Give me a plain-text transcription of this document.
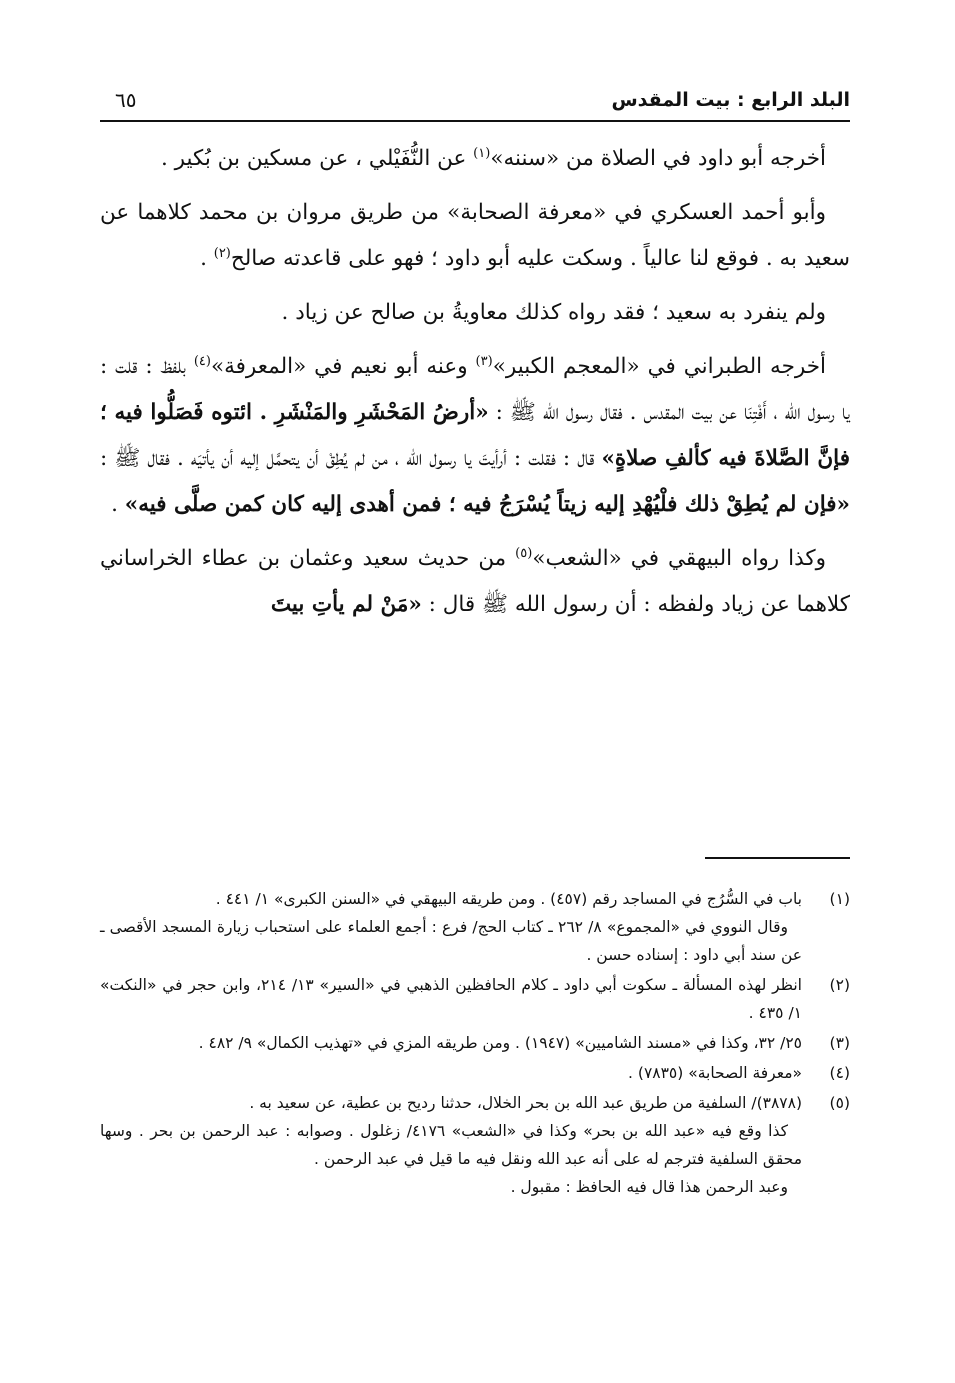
البلد الرابع : بيت المقدس
٦٥

أخرجه أبو داود في الصلاة من «سننه»$^{(١)}$ عن النُّفَيْلي ، عن مسكين بن بُكير .

وأبو أحمد العسكري في «معرفة الصحابة» من طريق مروان بن محمد كلاهما عن سعيد به . فوقع لنا عالياً . وسكت عليه أبو داود ؛ فهو على قاعدته صالح$^{(٢)}$ .

ولم ينفرد به سعيد ؛ فقد رواه كذلك معاويةُ بن صالح عن زياد .

أخرجه الطبراني في «المعجم الكبير»$^{(٣)}$ وعنه أبو نعيم في «المعرفة»$^{(٤)}$ بلفظ : قلت : يا رسول الله ، أَفْتِنَا عن بيت المقدس . فقال رسول الله ﷺ : «أرضُ المَحْشَرِ والمَنْشَرِ . ائتوه فَصَلُّوا فيه ؛ فإنَّ الصَّلاةَ فيه كألفِ صلاةٍ» قال : فقلت : أرأيتَ يا رسول الله ، من لم يُطِقْ أن يتحمَّل إليه أن يأتيَه . فقال ﷺ : «فإن لم يُطِقْ ذلك فلْيُهْدِ إليه زيتاً يُسْرَجُ فيه ؛ فمن أهدى إليه كان كمن صلَّى فيه» .

وكذا رواه البيهقي في «الشعب»$^{(٥)}$ من حديث سعيد وعثمان بن عطاء الخراساني كلاهما عن زياد ولفظه : أن رسول الله ﷺ قال : «مَنْ لم يأتِ بيتَ

(١)
باب في السُّرُج في المساجد رقم (٤٥٧) . ومن طريقه البيهقي في «السنن الكبرى» ١/ ٤٤١ .
وقال النووي في «المجموع» ٨/ ٢٦٢ ـ كتاب الحج/ فرع : أجمع العلماء على استحباب زيارة المسجد الأقصى ـ عن سند أبي داود : إسناده حسن .
(٢)
انظر لهذه المسألة ـ سكوت أبي داود ـ كلام الحافظين الذهبي في «السير» ١٣/ ٢١٤، وابن حجر في «النكت» ١/ ٤٣٥ .
(٣)
٢٥/ ٣٢، وكذا في «مسند الشاميين» (١٩٤٧) . ومن طريقه المزي في «تهذيب الكمال» ٩/ ٤٨٢ .
(٤)
«معرفة الصحابة» (٧٨٣٥) .
(٥)
(٣٨٧٨)/ السلفية من طريق عبد الله بن بحر الخلال، حدثنا رديح بن عطية، عن سعيد به .
كذا وقع فيه «عبد الله بن بحر» وكذا في «الشعب» ٤١٧٦/ زغلول . وصوابه : عبد الرحمن بن بحر . وسها محقق السلفية فترجم له على أنه عبد الله ونقل فيه ما قيل في عبد الرحمن .
وعبد الرحمن هذا قال فيه الحافظ : مقبول .
